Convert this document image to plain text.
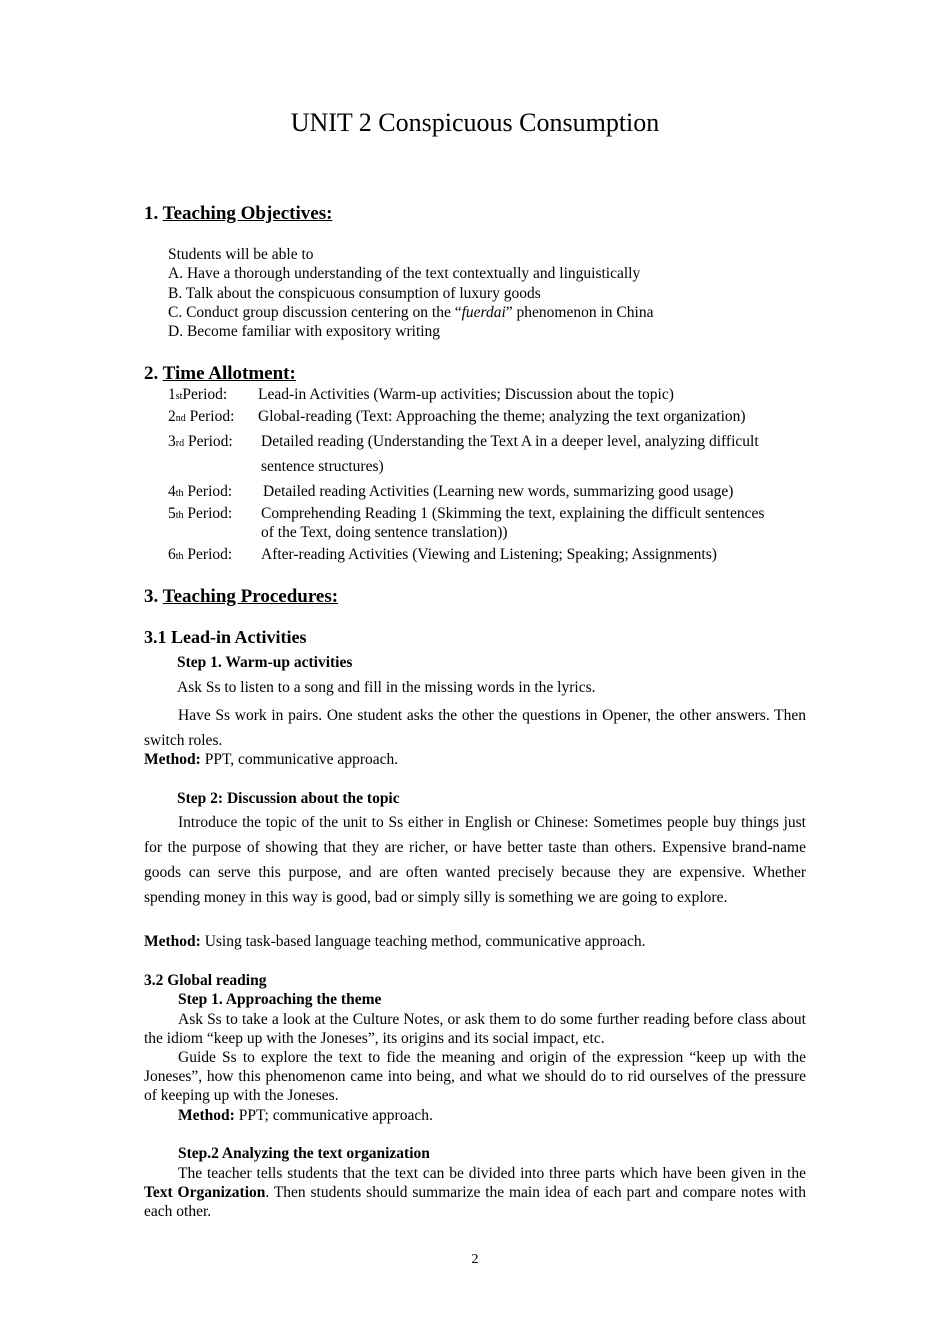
UNIT 2 Conspicuous Consumption
1. Teaching Objectives:
Students will be able to
A. Have a thorough understanding of the text contextually and linguistically
B. Talk about the conspicuous consumption of luxury goods
C. Conduct group discussion centering on the “fuerdai” phenomenon in China
D. Become familiar with expository writing
2. Time Allotment:
1stPeriod: Lead-in Activities (Warm-up activities; Discussion about the topic)
2nd Period: Global-reading (Text: Approaching the theme; analyzing the text organization)
3rd Period: Detailed reading (Understanding the Text A in a deeper level, analyzing difficult
sentence structures)
4th Period: Detailed reading Activities (Learning new words, summarizing good usage)
5th Period: Comprehending Reading 1 (Skimming the text, explaining the difficult sentences
of the Text, doing sentence translation))
6th Period: After-reading Activities (Viewing and Listening; Speaking; Assignments)
3. Teaching Procedures:
3.1 Lead-in Activities
Step 1. Warm-up activities
Ask Ss to listen to a song and fill in the missing words in the lyrics.
Have Ss work in pairs. One student asks the other the questions in Opener, the other answers. Then switch roles.
Method: PPT, communicative approach.
Step 2: Discussion about the topic
Introduce the topic of the unit to Ss either in English or Chinese: Sometimes people buy things just for the purpose of showing that they are richer, or have better taste than others. Expensive brand-name goods can serve this purpose, and are often wanted precisely because they are expensive. Whether spending money in this way is good, bad or simply silly is something we are going to explore.
Method: Using task-based language teaching method, communicative approach.
3.2 Global reading
Step 1. Approaching the theme
Ask Ss to take a look at the Culture Notes, or ask them to do some further reading before class about the idiom “keep up with the Joneses”, its origins and its social impact, etc.
Guide Ss to explore the text to fide the meaning and origin of the expression “keep up with the Joneses”, how this phenomenon came into being, and what we should do to rid ourselves of the pressure of keeping up with the Joneses.
Method: PPT; communicative approach.
Step.2 Analyzing the text organization
The teacher tells students that the text can be divided into three parts which have been given in the Text Organization. Then students should summarize the main idea of each part and compare notes with each other.
2
